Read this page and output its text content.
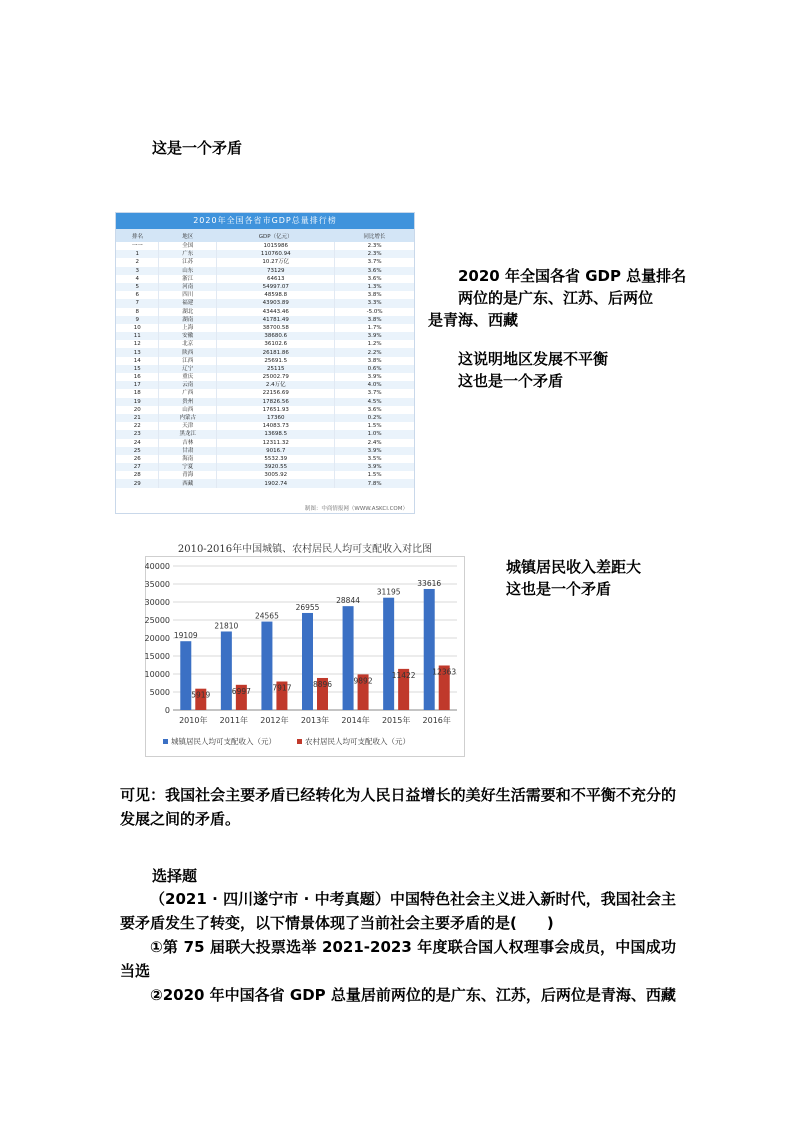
这是一个矛盾
2020年全国各省市GDP总量排行榜
排名	地区	GDP（亿元）	同比增长
一一	全国	1015986	2.3%
1	广东	110760.94	2.3%
2	江苏	10.27万亿	3.7%
3	山东	73129	3.6%
4	浙江	64613	3.6%
5	河南	54997.07	1.3%
6	四川	48598.8	3.8%
7	福建	43903.89	3.3%
8	湖北	43443.46	-5.0%
9	湖南	41781.49	3.8%
10	上海	38700.58	1.7%
11	安徽	38680.6	3.9%
12	北京	36102.6	1.2%
13	陕西	26181.86	2.2%
14	江西	25691.5	3.8%
15	辽宁	25115	0.6%
16	重庆	25002.79	3.9%
17	云南	2.4万亿	4.0%
18	广西	22156.69	3.7%
19	贵州	17826.56	4.5%
20	山西	17651.93	3.6%
21	内蒙古	17360	0.2%
22	天津	14083.73	1.5%
23	黑龙江	13698.5	1.0%
24	吉林	12311.32	2.4%
25	甘肃	9016.7	3.9%
26	海南	5532.39	3.5%
27	宁夏	3920.55	3.9%
28	青海	3005.92	1.5%
29	西藏	1902.74	7.8%
制图：中商情报网（WWW.ASKCI.COM）
2020 年全国各省 GDP 总量排名
两位的是广东、江苏、后两位
是青海、西藏
这说明地区发展不平衡
这也是一个矛盾
2010-2016年中国城镇、农村居民人均可支配收入对比图
0
5000
10000
15000
20000
25000
30000
35000
40000
19109
5919
2010年
21810
6997
2011年
24565
7917
2012年
26955
8896
2013年
28844
9892
2014年
31195
11422
2015年
33616
12363
2016年
城镇居民人均可支配收入（元）	农村居民人均可支配收入（元）
城镇居民收入差距大
这也是一个矛盾
可见：我国社会主要矛盾已经转化为人民日益增长的美好生活需要和不平衡不充分的发展之间的矛盾。
选择题
（2021 · 四川遂宁市 · 中考真题）中国特色社会主义进入新时代，我国社会主要矛盾发生了转变，以下情景体现了当前社会主要矛盾的是(　　)
①第 75 届联大投票选举 2021-2023 年度联合国人权理事会成员，中国成功当选
②2020 年中国各省 GDP 总量居前两位的是广东、江苏，后两位是青海、西藏
